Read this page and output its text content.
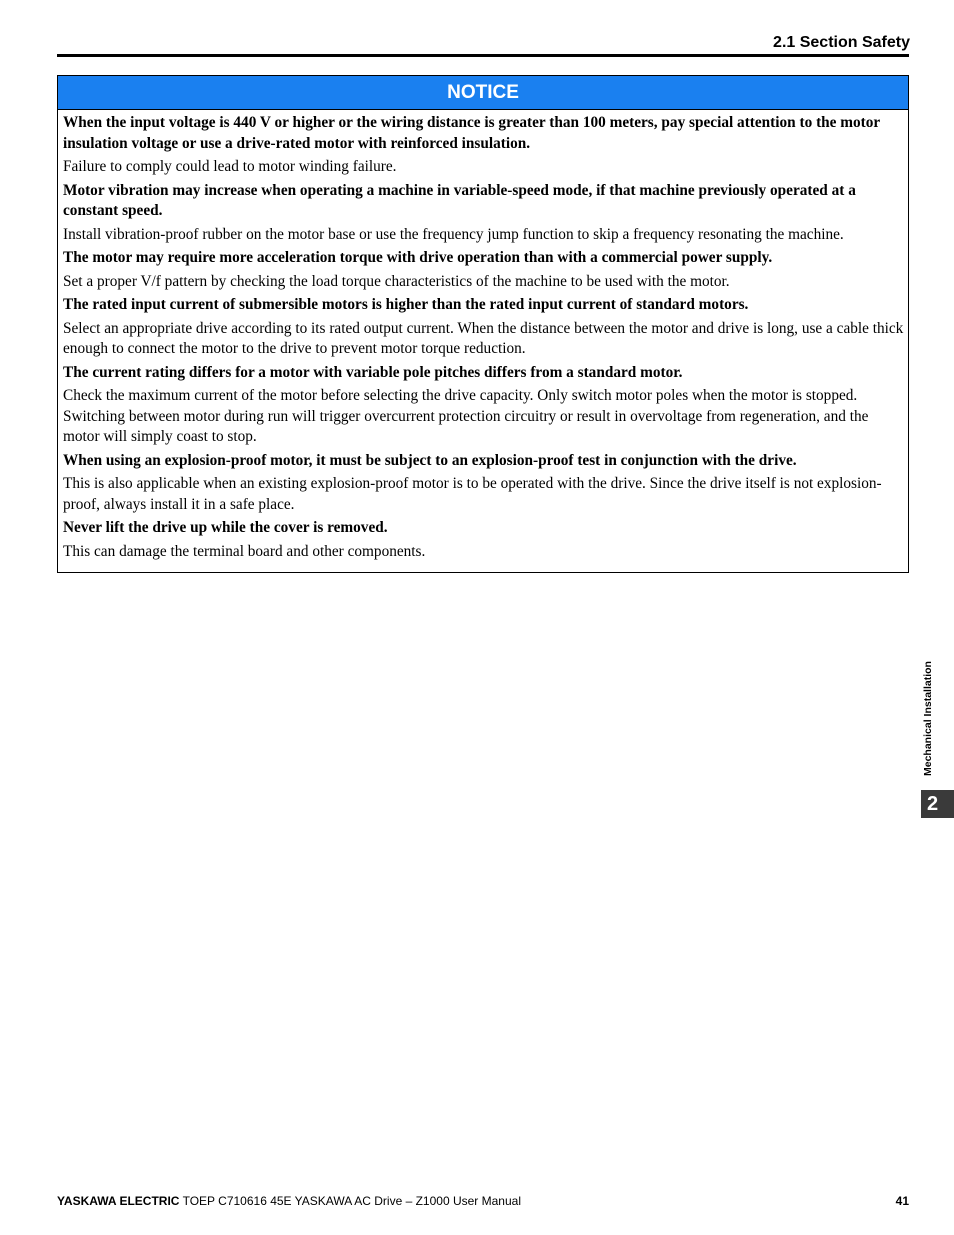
2.1 Section Safety
NOTICE

When the input voltage is 440 V or higher or the wiring distance is greater than 100 meters, pay special attention to the motor insulation voltage or use a drive-rated motor with reinforced insulation.

Failure to comply could lead to motor winding failure.

Motor vibration may increase when operating a machine in variable-speed mode, if that machine previously operated at a constant speed.

Install vibration-proof rubber on the motor base or use the frequency jump function to skip a frequency resonating the machine.

The motor may require more acceleration torque with drive operation than with a commercial power supply.

Set a proper V/f pattern by checking the load torque characteristics of the machine to be used with the motor.

The rated input current of submersible motors is higher than the rated input current of standard motors.

Select an appropriate drive according to its rated output current. When the distance between the motor and drive is long, use a cable thick enough to connect the motor to the drive to prevent motor torque reduction.

The current rating differs for a motor with variable pole pitches differs from a standard motor.

Check the maximum current of the motor before selecting the drive capacity. Only switch motor poles when the motor is stopped. Switching between motor during run will trigger overcurrent protection circuitry or result in overvoltage from regeneration, and the motor will simply coast to stop.

When using an explosion-proof motor, it must be subject to an explosion-proof test in conjunction with the drive.

This is also applicable when an existing explosion-proof motor is to be operated with the drive. Since the drive itself is not explosion-proof, always install it in a safe place.

Never lift the drive up while the cover is removed.

This can damage the terminal board and other components.

Mechanical Installation
2
YASKAWA ELECTRIC TOEP C710616 45E YASKAWA AC Drive – Z1000 User Manual	41
